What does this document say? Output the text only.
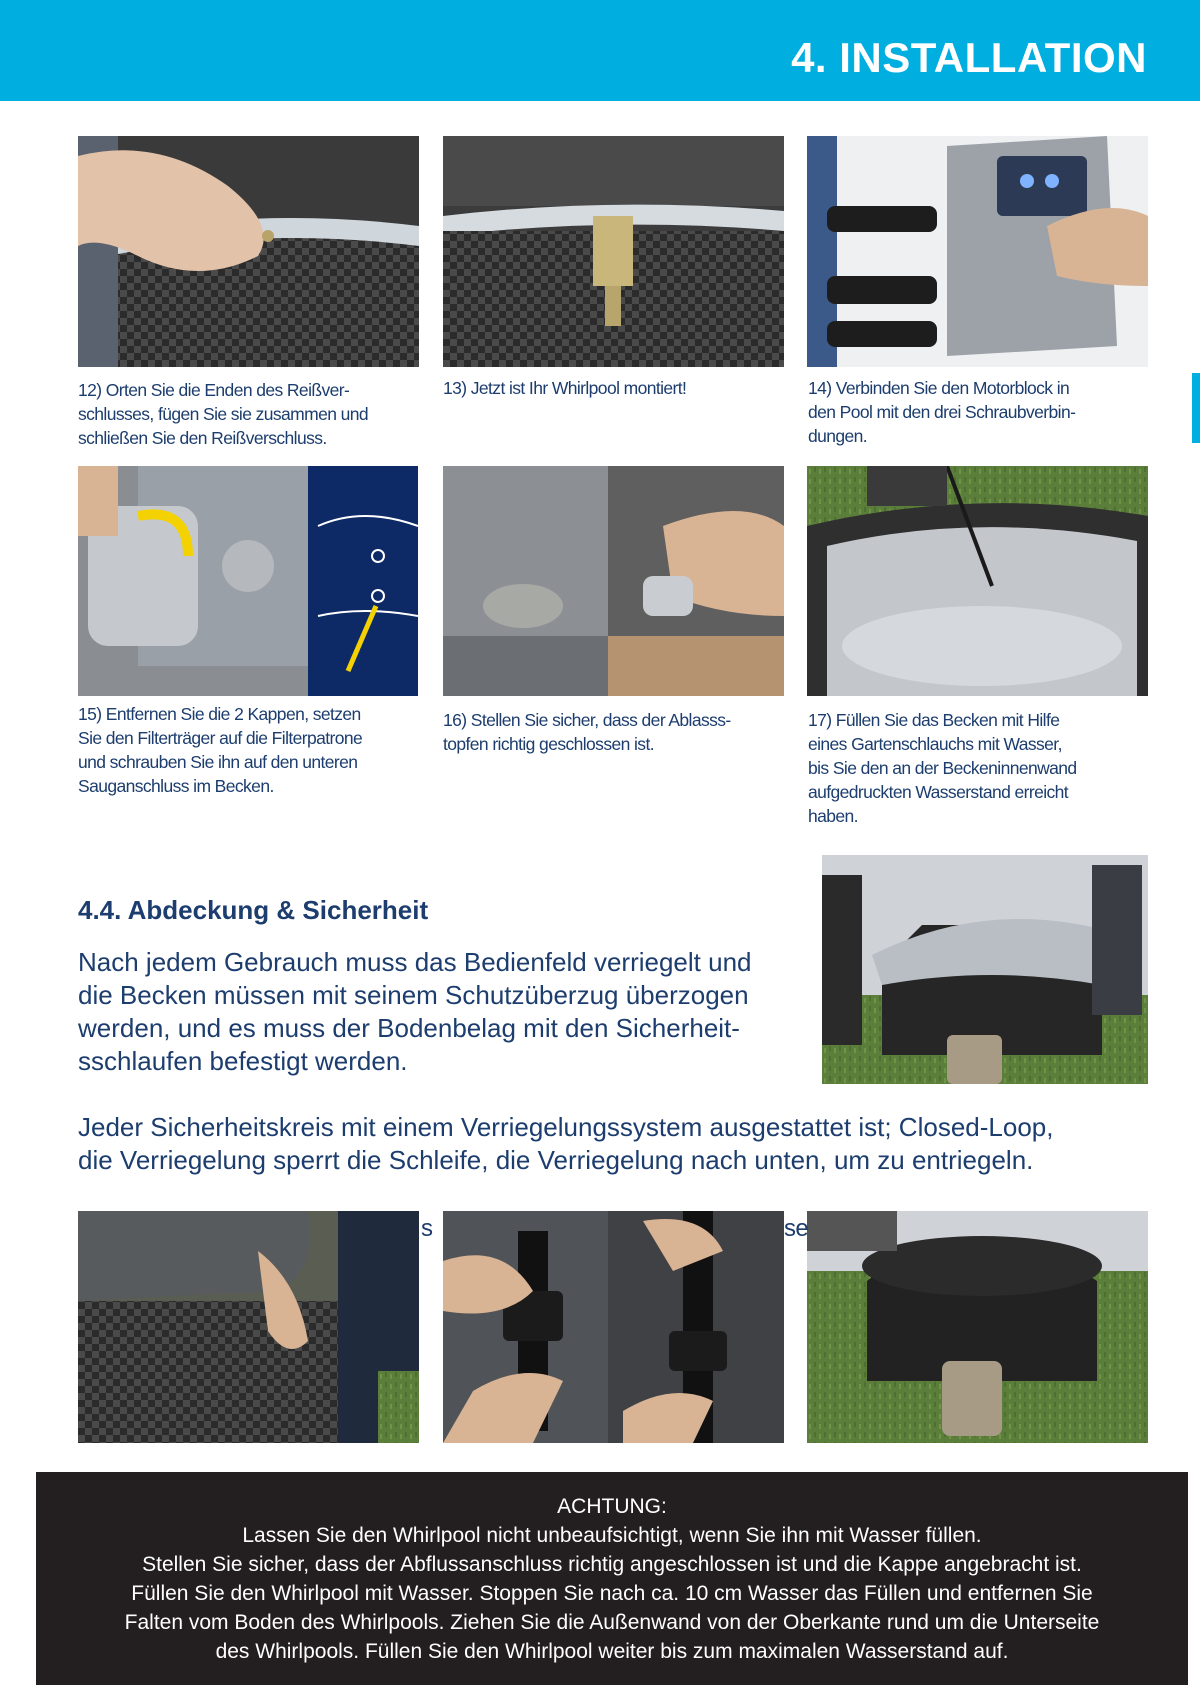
4. INSTALLATION

12) Orten Sie die Enden des Reißver-
schlusses, fügen Sie sie zusammen und
schließen Sie den Reißverschluss.

13) Jetzt ist Ihr Whirlpool montiert!	14) Verbinden Sie den Motorblock in
den Pool mit den drei Schraubverbin-
dungen.

15) Entfernen Sie die 2 Kappen, setzen
Sie den Filterträger auf die Filterpatrone
und schrauben Sie ihn auf den unteren
Sauganschluss im Becken.

16) Stellen Sie sicher, dass der Ablasss-
topfen richtig geschlossen ist.

17) Füllen Sie das Becken mit Hilfe
eines Gartenschlauchs mit Wasser,
bis Sie den an der Beckeninnenwand
aufgedruckten Wasserstand erreicht
haben.

4.4. Abdeckung & Sicherheit

Nach jedem Gebrauch muss das Bedienfeld verriegelt und
die Becken müssen mit seinem Schutzüberzug überzogen
werden, und es muss der Bodenbelag mit den Sicherheit-
sschlaufen befestigt werden.

Jeder Sicherheitskreis mit einem Verriegelungssystem ausgestattet ist; Closed-Loop,
die Verriegelung sperrt die Schleife, die Verriegelung nach unten, um zu entriegeln.

s	se

ACHTUNG:

Lassen Sie den Whirlpool nicht unbeaufsichtigt, wenn Sie ihn mit Wasser füllen.

Stellen Sie sicher, dass der Abflussanschluss richtig angeschlossen ist und die Kappe angebracht ist.

Füllen Sie den Whirlpool mit Wasser. Stoppen Sie nach ca. 10 cm Wasser das Füllen und entfernen Sie

Falten vom Boden des Whirlpools. Ziehen Sie die Außenwand von der Oberkante rund um die Unterseite

des Whirlpools. Füllen Sie den Whirlpool weiter bis zum maximalen Wasserstand auf.
